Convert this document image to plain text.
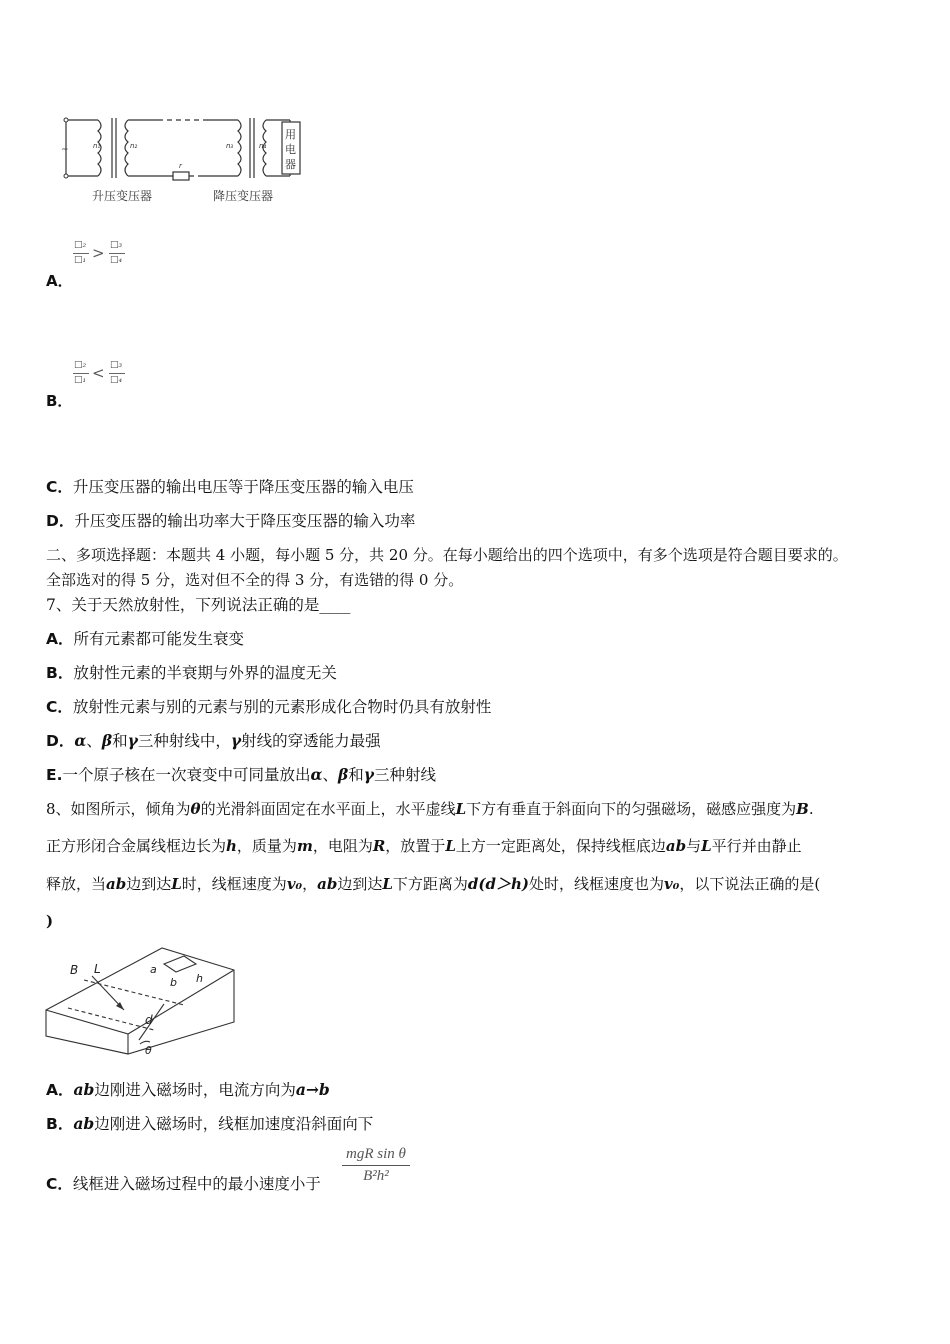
~	n₁	n₂	n₃	n₄
r
用
电
器
升压变压器	降压变压器
A．
□₂
□₁ > □₃
□₄
B．
□₂
□₁ < □₃
□₄
C．升压变压器的输出电压等于降压变压器的输入电压
D．升压变压器的输出功率大于降压变压器的输入功率
二、多项选择题：本题共 4 小题，每小题 5 分，共 20 分。在每小题给出的四个选项中，有多个选项是符合题目要求的。
全部选对的得 5 分，选对但不全的得 3 分，有选错的得 0 分。
7、关于天然放射性，下列说法正确的是____
A．所有元素都可能发生衰变
B．放射性元素的半衰期与外界的温度无关
C．放射性元素与别的元素与别的元素形成化合物时仍具有放射性
D．α、β和γ三种射线中，γ射线的穿透能力最强
E.一个原子核在一次衰变中可同量放出α、β和γ三种射线
8、如图所示，倾角为θ的光滑斜面固定在水平面上，水平虚线L下方有垂直于斜面向下的匀强磁场，磁感应强度为B.
正方形闭合金属线框边长为h，质量为m，电阻为R，放置于L上方一定距离处，保持线框底边ab与L平行并由静止
释放，当ab边到达L时，线框速度为v₀，ab边到达L下方距离为d(d＞h)处时，线框速度也为v₀，以下说法正确的是(
)
B L	a
b h
d
θ
A．ab边刚进入磁场时，电流方向为a→b
B．ab边刚进入磁场时，线框加速度沿斜面向下
C．线框进入磁场过程中的最小速度小于
mgR sin θ
B²h²
